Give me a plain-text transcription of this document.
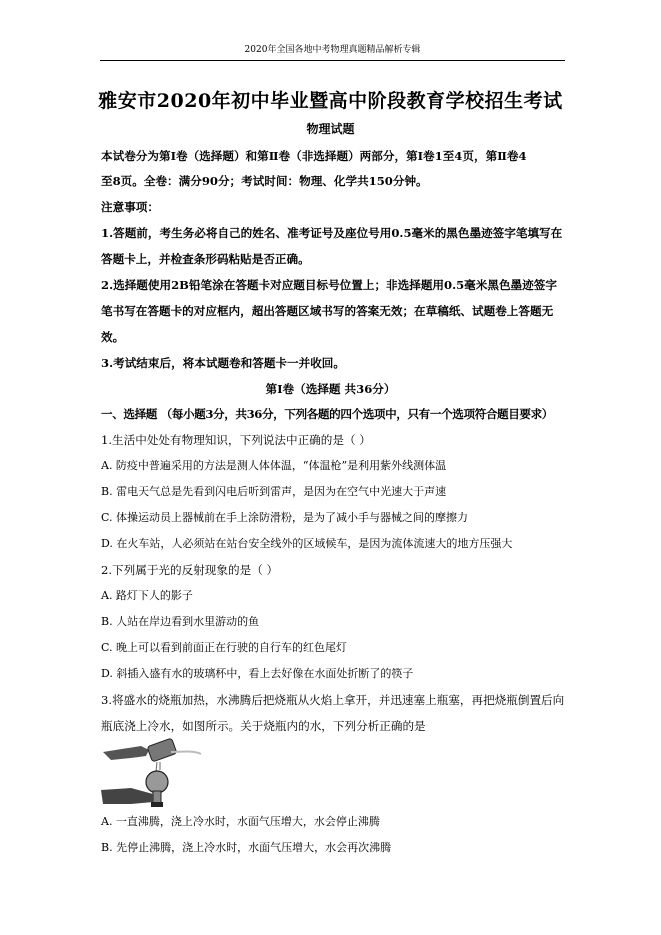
2020年全国各地中考物理真题精品解析专辑
雅安市2020年初中毕业暨高中阶段教育学校招生考试
物理试题
本试卷分为第Ⅰ卷（选择题）和第Ⅱ卷（非选择题）两部分，第Ⅰ卷1至4页，第Ⅱ卷4
至8页。全卷：满分90分；考试时间：物理、化学共150分钟。
注意事项：
1.答题前，考生务必将自己的姓名、准考证号及座位号用0.5毫米的黑色墨迹签字笔填写在
答题卡上，并检查条形码粘贴是否正确。
2.选择题使用2B铅笔涂在答题卡对应题目标号位置上；非选择题用0.5毫米黑色墨迹签字
笔书写在答题卡的对应框内，超出答题区域书写的答案无效；在草稿纸、试题卷上答题无
效。
3.考试结束后，将本试题卷和答题卡一并收回。
第Ⅰ卷（选择题 共36分）
一、选择题 （每小题3分，共36分，下列各题的四个选项中，只有一个选项符合题目要求）
1.生活中处处有物理知识，下列说法中正确的是（ ）
A. 防疫中普遍采用的方法是测人体体温，“体温枪”是利用紫外线测体温
B. 雷电天气总是先看到闪电后听到雷声，是因为在空气中光速大于声速
C. 体操运动员上器械前在手上涂防滑粉，是为了减小手与器械之间的摩擦力
D. 在火车站，人必须站在站台安全线外的区域候车，是因为流体流速大的地方压强大
2.下列属于光的反射现象的是（ ）
A. 路灯下人的影子
B. 人站在岸边看到水里游动的鱼
C. 晚上可以看到前面正在行驶的自行车的红色尾灯
D. 斜插入盛有水的玻璃杯中，看上去好像在水面处折断了的筷子
3.将盛水的烧瓶加热，水沸腾后把烧瓶从火焰上拿开，并迅速塞上瓶塞，再把烧瓶倒置后向
瓶底浇上冷水，如图所示。关于烧瓶内的水，下列分析正确的是
A. 一直沸腾，浇上冷水时，水面气压增大，水会停止沸腾
B. 先停止沸腾，浇上冷水时，水面气压增大，水会再次沸腾
